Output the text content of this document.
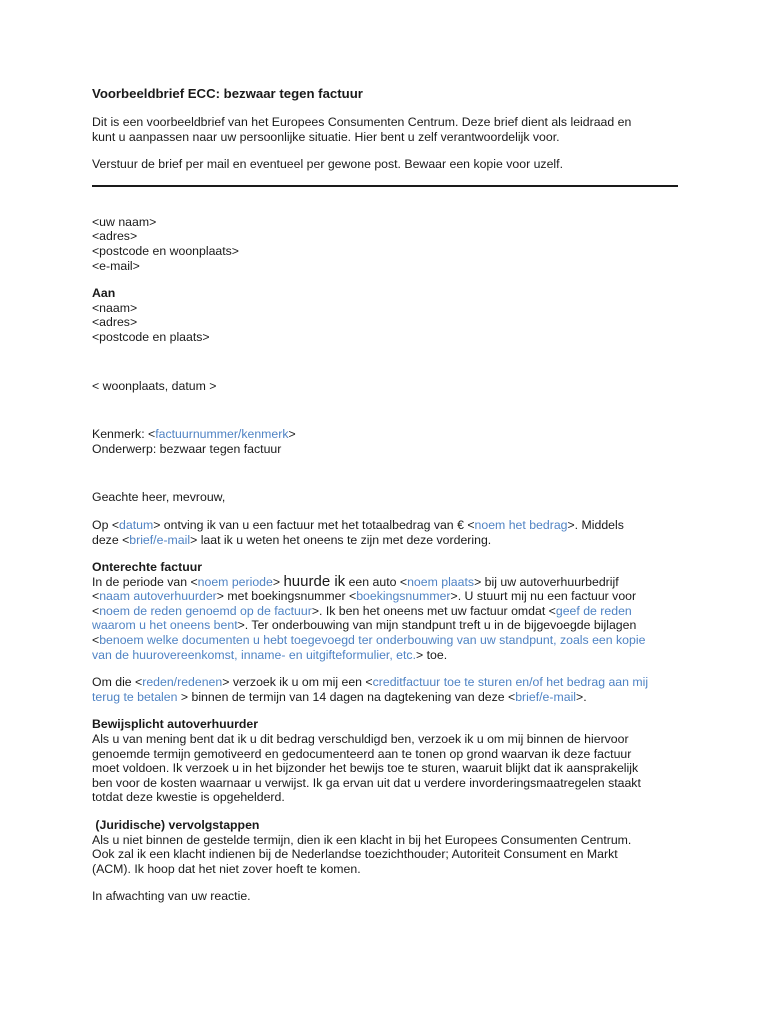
Voorbeeldbrief ECC: bezwaar tegen factuur
Dit is een voorbeeldbrief van het Europees Consumenten Centrum. Deze brief dient als leidraad en
kunt u aanpassen naar uw persoonlijke situatie. Hier bent u zelf verantwoordelijk voor.
Verstuur de brief per mail en eventueel per gewone post. Bewaar een kopie voor uzelf.
<uw naam>
<adres>
<postcode en woonplaats>
<e-mail>
Aan
<naam>
<adres>
<postcode en plaats>
< woonplaats, datum >
Kenmerk: <factuurnummer/kenmerk>
Onderwerp: bezwaar tegen factuur
Geachte heer, mevrouw,
Op <datum> ontving ik van u een factuur met het totaalbedrag van € <noem het bedrag>. Middels
deze <brief/e-mail> laat ik u weten het oneens te zijn met deze vordering.
Onterechte factuur
In de periode van <noem periode> huurde ik een auto <noem plaats> bij uw autoverhuurbedrijf
<naam autoverhuurder> met boekingsnummer <boekingsnummer>. U stuurt mij nu een factuur voor
<noem de reden genoemd op de factuur>. Ik ben het oneens met uw factuur omdat <geef de reden
waarom u het oneens bent>. Ter onderbouwing van mijn standpunt treft u in de bijgevoegde bijlagen
<benoem welke documenten u hebt toegevoegd ter onderbouwing van uw standpunt, zoals een kopie
van de huurovereenkomst, inname- en uitgifteformulier, etc.> toe.
Om die <reden/redenen> verzoek ik u om mij een <creditfactuur toe te sturen en/of het bedrag aan mij
terug te betalen > binnen de termijn van 14 dagen na dagtekening van deze <brief/e-mail>.
Bewijsplicht autoverhuurder
Als u van mening bent dat ik u dit bedrag verschuldigd ben, verzoek ik u om mij binnen de hiervoor
genoemde termijn gemotiveerd en gedocumenteerd aan te tonen op grond waarvan ik deze factuur
moet voldoen. Ik verzoek u in het bijzonder het bewijs toe te sturen, waaruit blijkt dat ik aansprakelijk
ben voor de kosten waarnaar u verwijst. Ik ga ervan uit dat u verdere invorderingsmaatregelen staakt
totdat deze kwestie is opgehelderd.
(Juridische) vervolgstappen
Als u niet binnen de gestelde termijn, dien ik een klacht in bij het Europees Consumenten Centrum.
Ook zal ik een klacht indienen bij de Nederlandse toezichthouder; Autoriteit Consument en Markt
(ACM). Ik hoop dat het niet zover hoeft te komen.
In afwachting van uw reactie.
